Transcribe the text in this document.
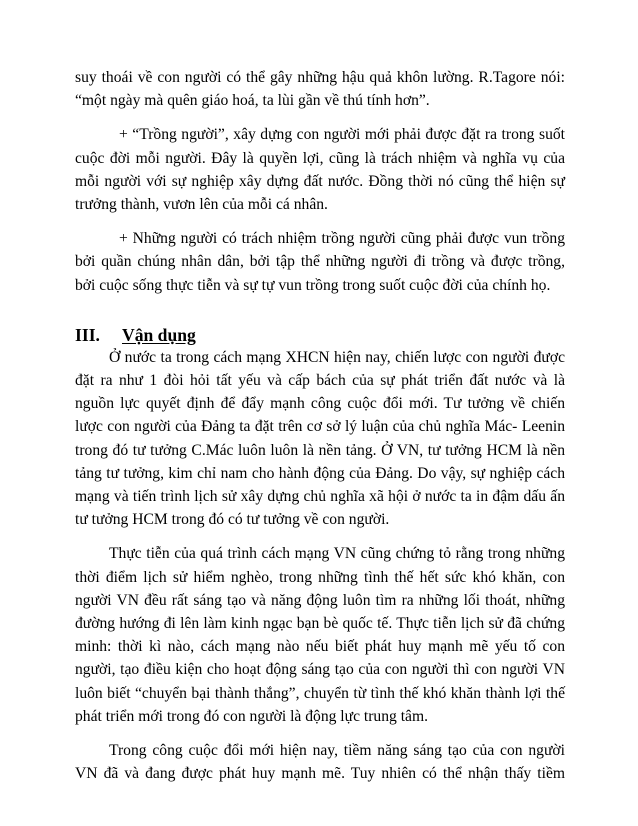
suy thoái về con người có thể gây những hậu quả khôn lường. R.Tagore nói:
“một ngày mà quên giáo hoá, ta lùi gần về thú tính hơn”.
+ “Trồng người”, xây dựng con người mới phải được đặt ra trong suốt
cuộc đời mỗi người. Đây là quyền lợi, cũng là trách nhiệm và nghĩa vụ của
mỗi người với sự nghiệp xây dựng đất nước. Đồng thời nó cũng thể hiện sự
trưởng thành, vươn lên của mỗi cá nhân.
+ Những người có trách nhiệm trồng người cũng phải được vun trồng
bởi quần chúng nhân dân, bởi tập thể những người đi trồng và được trồng,
bởi cuộc sống thực tiễn và sự tự vun trồng trong suốt cuộc đời của chính họ.
III.	Vận dụng
Ở nước ta trong cách mạng XHCN hiện nay, chiến lược con người được
đặt ra như 1 đòi hỏi tất yếu và cấp bách của sự phát triển đất nước và là
nguồn lực quyết định để đẩy mạnh công cuộc đổi mới. Tư tưởng về chiến
lược con người của Đảng ta đặt trên cơ sở lý luận của chủ nghĩa Mác- Leenin
trong đó tư tưởng C.Mác luôn luôn là nền tảng. Ở VN, tư tưởng HCM là nền
tảng tư tưởng, kim chỉ nam cho hành động của Đảng. Do vậy, sự nghiệp cách
mạng và tiến trình lịch sử xây dựng chủ nghĩa xã hội ở nước ta in đậm dấu ấn
tư tưởng HCM trong đó có tư tưởng về con người.
Thực tiễn của quá trình cách mạng VN cũng chứng tỏ rằng trong những
thời điểm lịch sử hiểm nghèo, trong những tình thế hết sức khó khăn, con
người VN đều rất sáng tạo và năng động luôn tìm ra những lối thoát, những
đường hướng đi lên làm kinh ngạc bạn bè quốc tế. Thực tiễn lịch sử đã chứng
minh: thời kì nào, cách mạng nào nếu biết phát huy mạnh mẽ yếu tố con
người, tạo điều kiện cho hoạt động sáng tạo của con người thì con người VN
luôn biết “chuyển bại thành thắng”, chuyển từ tình thế khó khăn thành lợi thế
phát triển mới trong đó con người là động lực trung tâm.
Trong công cuộc đổi mới hiện nay, tiềm năng sáng tạo của con người
VN đã và đang được phát huy mạnh mẽ. Tuy nhiên có thể nhận thấy tiềm
